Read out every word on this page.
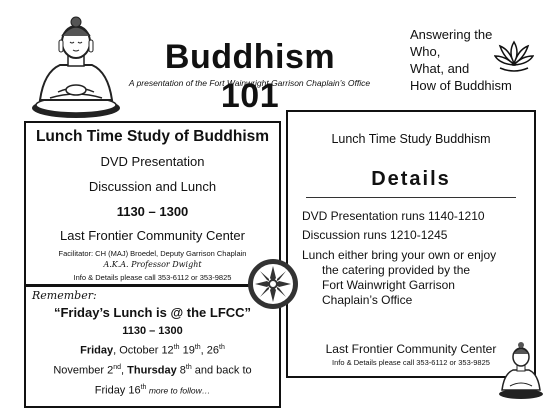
Buddhism 101
A presentation of the Fort Wainwright Garrison Chaplain’s Office
Answering the
Who,
What, and
How of Buddhism
Lunch Time Study of Buddhism
DVD Presentation
Discussion and Lunch
1130 – 1300
Last Frontier Community Center
Facilitator: CH (MAJ) Broedel, Deputy Garrison Chaplain
A.K.A. Professor Dwight
Info & Details please call 353-6112 or 353-9825
Remember:
“Friday’s Lunch is @ the LFCC”
1130 – 1300
Friday, October 12th 19th, 26th
November 2nd, Thursday 8th and back to
Friday 16th more to follow…
Lunch Time Study Buddhism
Details
DVD Presentation runs 1140-1210
Discussion runs 1210-1245
Lunch either bring your own or enjoy
the catering provided by the
Fort Wainwright Garrison
Chaplain’s Office
Last Frontier Community Center
Info & Details please call 353-6112 or 353-9825
